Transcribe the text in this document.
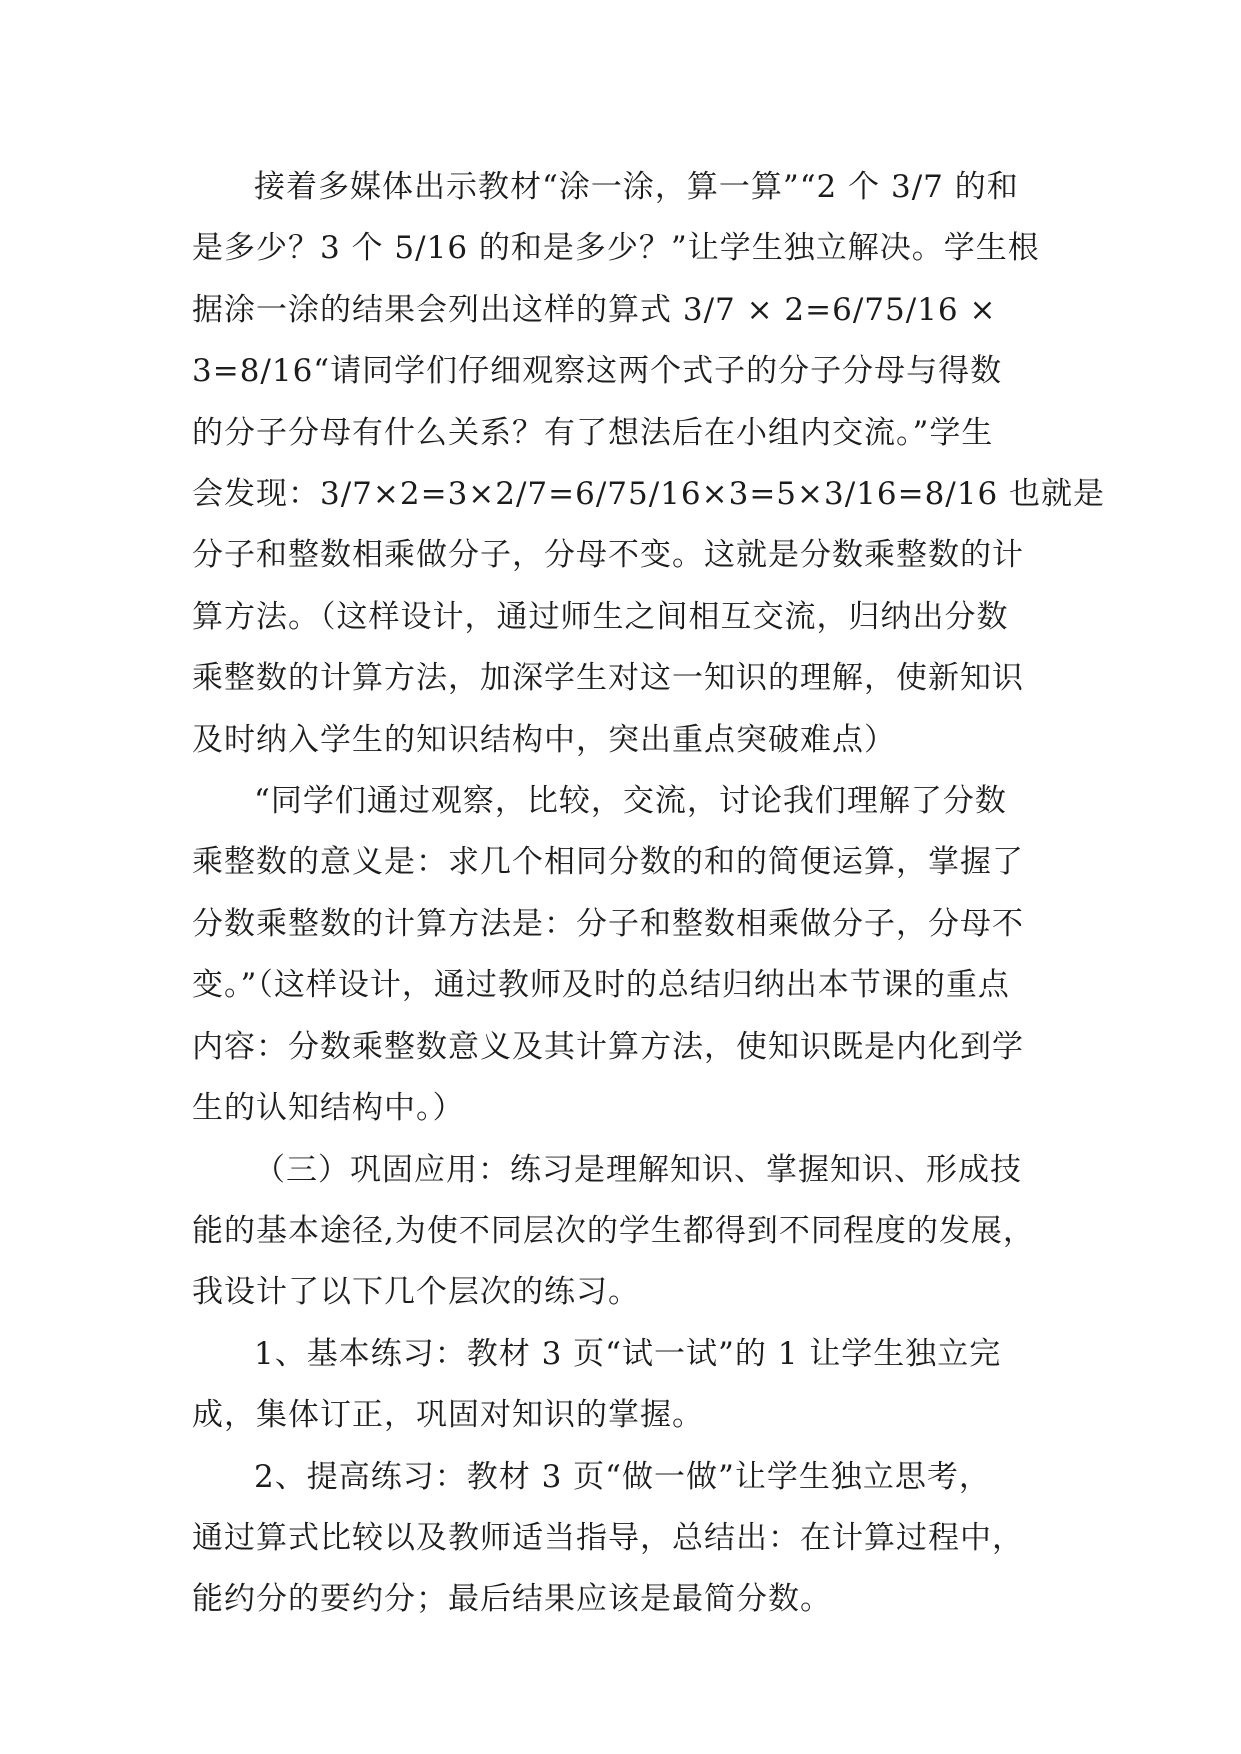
接着多媒体出示教材“涂一涂，算一算”“2 个 3/7 的和
是多少？3 个 5/16 的和是多少？”让学生独立解决。学生根
据涂一涂的结果会列出这样的算式 3/7 × 2=6/75/16 ×
3=8/16“请同学们仔细观察这两个式子的分子分母与得数
的分子分母有什么关系？有了想法后在小组内交流。”学生
会发现：3/7×2=3×2/7=6/75/16×3=5×3/16=8/16 也就是
分子和整数相乘做分子，分母不变。这就是分数乘整数的计
算方法。（这样设计，通过师生之间相互交流，归纳出分数
乘整数的计算方法，加深学生对这一知识的理解，使新知识
及时纳入学生的知识结构中，突出重点突破难点）

“同学们通过观察，比较，交流，讨论我们理解了分数
乘整数的意义是：求几个相同分数的和的简便运算，掌握了
分数乘整数的计算方法是：分子和整数相乘做分子，分母不
变。”（这样设计，通过教师及时的总结归纳出本节课的重点
内容：分数乘整数意义及其计算方法，使知识既是内化到学
生的认知结构中。）

（三）巩固应用：练习是理解知识、掌握知识、形成技
能的基本途径,为使不同层次的学生都得到不同程度的发展，
我设计了以下几个层次的练习。

1、基本练习：教材 3 页“试一试”的 1 让学生独立完
成，集体订正，巩固对知识的掌握。

2、提高练习：教材 3 页“做一做”让学生独立思考，
通过算式比较以及教师适当指导，总结出：在计算过程中，
能约分的要约分；最后结果应该是最简分数。
